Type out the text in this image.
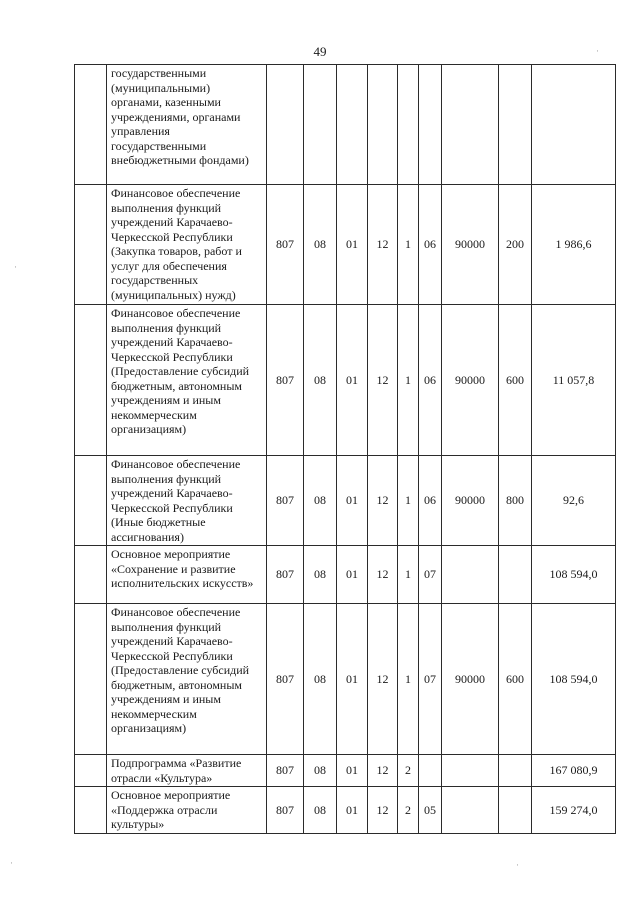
49
	государственными (муниципальными) органами, казенными учреждениями, органами управления государственными внебюджетными фондами)									
	Финансовое обеспечение выполнения функций учреждений Карачаево-Черкесской Республики (Закупка товаров, работ и услуг для обеспечения государственных (муниципальных) нужд)	807	08	01	12	1	06	90000	200	1 986,6
	Финансовое обеспечение выполнения функций учреждений Карачаево-Черкесской Республики (Предоставление субсидий бюджетным, автономным учреждениям и иным некоммерческим организациям)	807	08	01	12	1	06	90000	600	11 057,8
	Финансовое обеспечение выполнения функций учреждений Карачаево-Черкесской Республики (Иные бюджетные ассигнования)	807	08	01	12	1	06	90000	800	92,6
	Основное мероприятие «Сохранение и развитие исполнительских искусств»	807	08	01	12	1	07			108 594,0
	Финансовое обеспечение выполнения функций учреждений Карачаево-Черкесской Республики (Предоставление субсидий бюджетным, автономным учреждениям и иным некоммерческим организациям)	807	08	01	12	1	07	90000	600	108 594,0
	Подпрограмма «Развитие отрасли «Культура»	807	08	01	12	2				167 080,9
	Основное мероприятие «Поддержка отрасли культуры»	807	08	01	12	2	05			159 274,0
·
·
·	·
